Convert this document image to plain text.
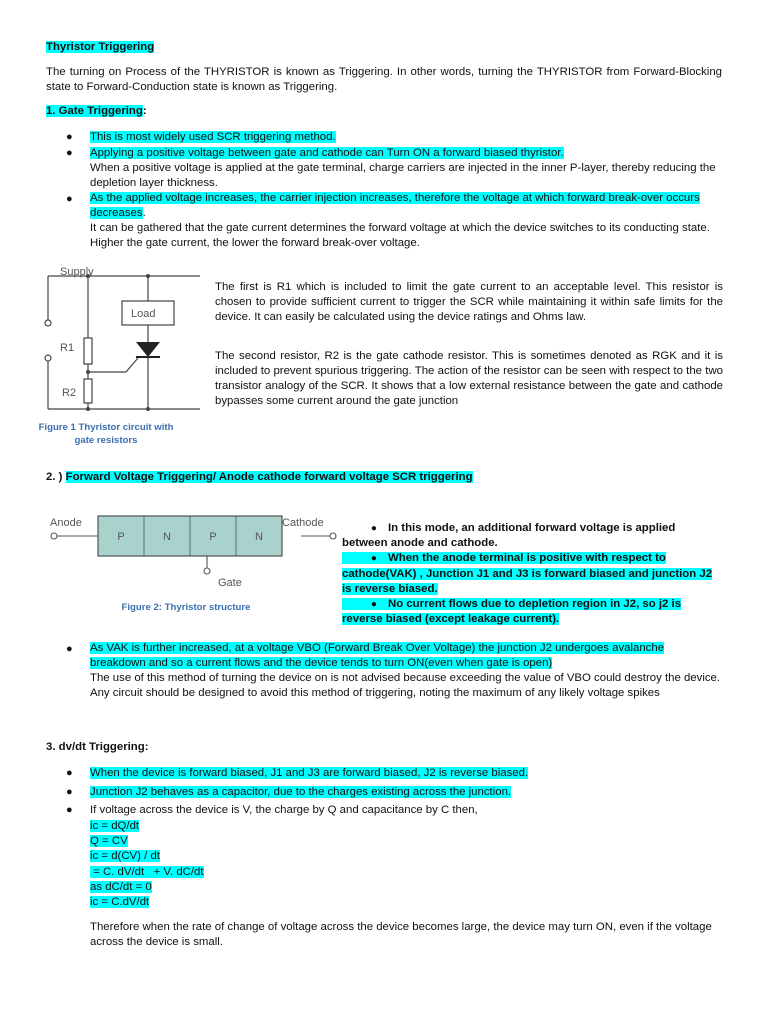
Thyristor Triggering
The turning on Process of the THYRISTOR is known as Triggering. In other words, turning the THYRISTOR from Forward-Blocking state to Forward-Conduction state is known as Triggering.
1. Gate Triggering:
● This is most widely used SCR triggering method.
● Applying a positive voltage between gate and cathode can Turn ON a forward biased thyristor.
When a positive voltage is applied at the gate terminal, charge carriers are injected in the inner P-layer, thereby reducing the depletion layer thickness.
● As the applied voltage increases, the carrier injection increases, therefore the voltage at which forward break-over occurs decreases.
It can be gathered that the gate current determines the forward voltage at which the device switches to its conducting state. Higher the gate current, the lower the forward break-over voltage.
Supply
Load
R1
R2
Figure 1 Thyristor circuit with
gate resistors
The first is R1 which is included to limit the gate current to an acceptable level. This resistor is chosen to provide sufficient current to trigger the SCR while maintaining it within safe limits for the device. It can easily be calculated using the device ratings and Ohms law.
The second resistor, R2 is the gate cathode resistor. This is sometimes denoted as RGK and it is included to prevent spurious triggering. The action of the resistor can be seen with respect to the two transistor analogy of the SCR. It shows that a low external resistance between the gate and cathode bypasses some current around the gate junction
2. ) Forward Voltage Triggering/ Anode cathode forward voltage SCR triggering
P	N	P	N
Anode	Cathode
Gate
Figure 2: Thyristor structure
●    In this mode, an additional forward voltage is applied between anode and cathode.
●    When the anode terminal is positive with respect to cathode(VAK) , Junction J1 and J3 is forward biased and junction J2 is reverse biased.
●    No current flows due to depletion region in J2, so j2 is reverse biased (except leakage current).
● As VAK is further increased, at a voltage VBO (Forward Break Over Voltage) the junction J2 undergoes avalanche breakdown and so a current flows and the device tends to turn ON(even when gate is open)
The use of this method of turning the device on is not advised because exceeding the value of VBO could destroy the device. Any circuit should be designed to avoid this method of triggering, noting the maximum of any likely voltage spikes
3. dv/dt Triggering:
● When the device is forward biased, J1 and J3 are forward biased, J2 is reverse biased.
● Junction J2 behaves as a capacitor, due to the charges existing across the junction.
● If voltage across the device is V, the charge by Q and capacitance by C then,
ic = dQ/dt
Q = CV
ic = d(CV) / dt
= C. dV/dt   + V. dC/dt
as dC/dt = 0
ic = C.dV/dt
Therefore when the rate of change of voltage across the device becomes large, the device may turn ON, even if the voltage across the device is small.
